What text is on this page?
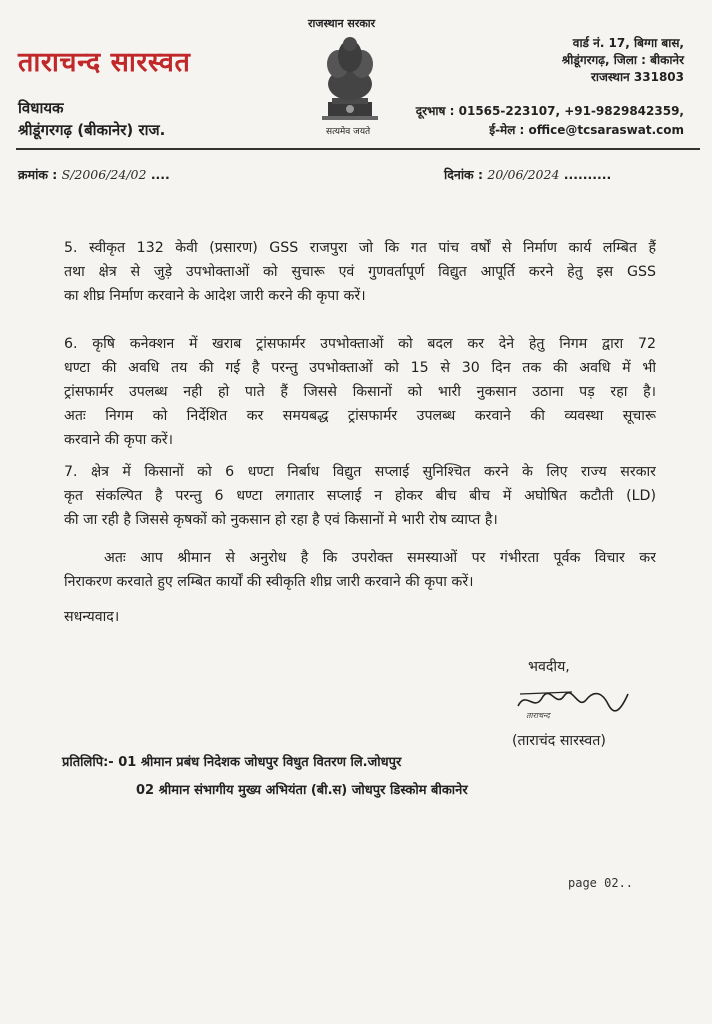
ताराचन्द सारस्वत
विधायक
श्रीडूंगरगढ़ (बीकानेर) राज.
राजस्थान सरकार
सत्यमेव जयते
वार्ड नं. 17, बिग्गा बास,
श्रीडूंगरगढ़, जिला : बीकानेर
राजस्थान 331803
दूरभाष : 01565-223107, +91-9829842359,
ई-मेल : office@tcsaraswat.com
क्रमांक : S/2006/24/02 ....	दिनांक : 20/06/2024 ..........
5. स्वीकृत 132 केवी (प्रसारण) GSS राजपुरा जो कि गत पांच वर्षों से निर्माण कार्य लम्बित हैं
तथा क्षेत्र से जुड़े उपभोक्ताओं को सुचारू एवं गुणवर्तापूर्ण विद्युत आपूर्ति करने हेतु इस GSS
का शीघ्र निर्माण करवाने के आदेश जारी करने की कृपा करें।
6. कृषि कनेक्शन में खराब ट्रांसफार्मर उपभोक्ताओं को बदल कर देने हेतु निगम द्वारा 72
धण्टा की अवधि तय की गई है परन्तु उपभोक्ताओं को 15 से 30 दिन तक की अवधि में भी
ट्रांसफार्मर उपलब्ध नही हो पाते हैं जिससे किसानों को भारी नुकसान उठाना पड़ रहा है।
अतः निगम को निर्देशित कर समयबद्ध ट्रांसफार्मर उपलब्ध करवाने की व्यवस्था सूचारू
करवाने की कृपा करें।
7. क्षेत्र में किसानों को 6 धण्टा निर्बाध विद्युत सप्लाई सुनिश्चित करने के लिए राज्य सरकार
कृत संकल्पित है परन्तु 6 धण्टा लगातार सप्लाई न होकर बीच बीच में अघोषित कटौती (LD)
की जा रही है जिससे कृषकों को नुकसान हो रहा है एवं किसानों मे भारी रोष व्याप्त है।
अतः आप श्रीमान से अनुरोध है कि उपरोक्त समस्याओं पर गंभीरता पूर्वक विचार कर
निराकरण करवाते हुए लम्बित कार्यों की स्वीकृति शीघ्र जारी करवाने की कृपा करें।
सधन्यवाद।
भवदीय,
ताराचन्द
(ताराचंद सारस्वत)
प्रतिलिपि:- 01 श्रीमान प्रबंध निदेशक जोधपुर विधुत वितरण लि.जोधपुर
02 श्रीमान संभागीय मुख्य अभियंता (बी.स) जोधपुर डिस्कोम बीकानेर
page 02..
